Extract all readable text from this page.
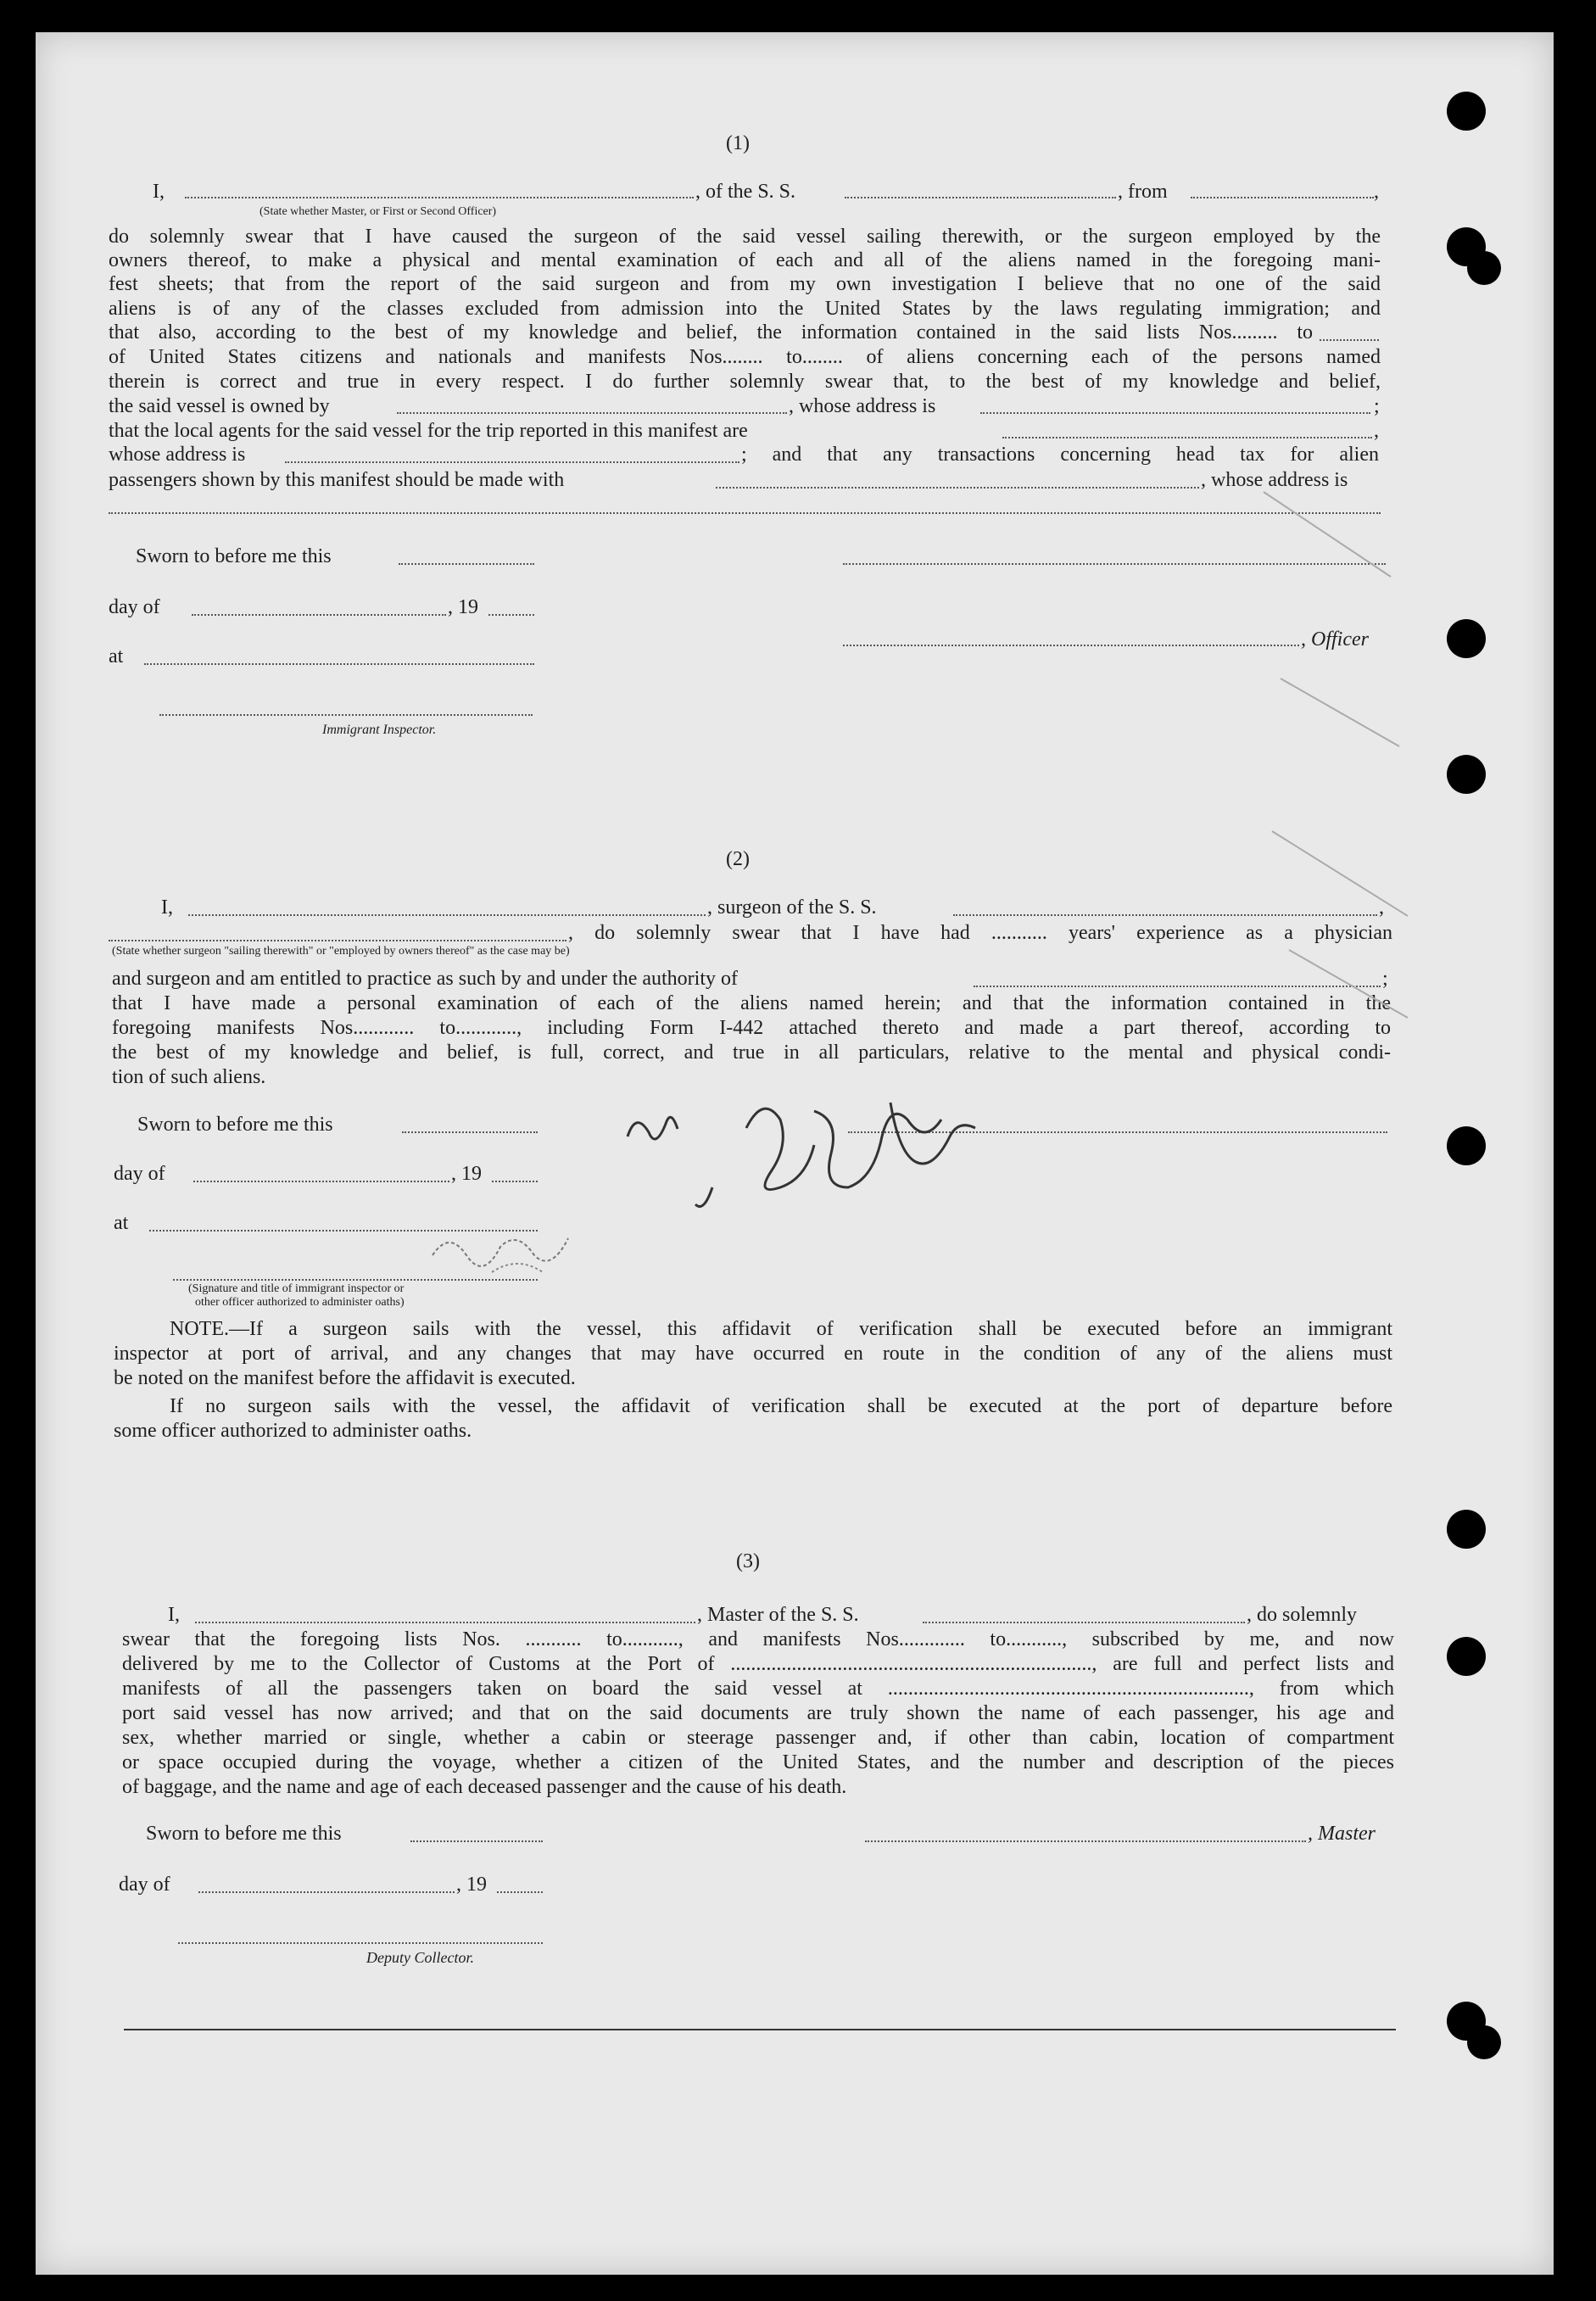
(1)
I,	, of the S. S.	, from	,
(State whether Master, or First or Second Officer)
do solemnly swear that I have caused the surgeon of the said vessel sailing therewith, or the surgeon employed by the
owners thereof, to make a physical and mental examination of each and all of the aliens named in the foregoing mani-
fest sheets; that from the report of the said surgeon and from my own investigation I believe that no one of the said
aliens is of any of the classes excluded from admission into the United States by the laws regulating immigration; and
that also, according to the best of my knowledge and belief, the information contained in the said lists Nos......... to
of United States citizens and nationals and manifests Nos........ to........ of aliens concerning each of the persons named
therein is correct and true in every respect. I do further solemnly swear that, to the best of my knowledge and belief,
the said vessel is owned by	, whose address is	;
that the local agents for the said vessel for the trip reported in this manifest are	,
whose address is	; and that any transactions concerning head tax for alien
passengers shown by this manifest should be made with	, whose address is
Sworn to before me this
day of	, 19
at
, Officer
Immigrant Inspector.
(2)
I,	, surgeon of the S. S.	,
, do solemnly swear that I have had ........... years' experience as a physician
(State whether surgeon "sailing therewith" or "employed by owners thereof" as the case may be)
and surgeon and am entitled to practice as such by and under the authority of	;
that I have made a personal examination of each of the aliens named herein; and that the information contained in the
foregoing manifests Nos............ to............, including Form I-442 attached thereto and made a part thereof, according to
the best of my knowledge and belief, is full, correct, and true in all particulars, relative to the mental and physical condi-
tion of such aliens.
Sworn to before me this
day of	, 19
at
(Signature and title of immigrant inspector or
other officer authorized to administer oaths)
NOTE.—If a surgeon sails with the vessel, this affidavit of verification shall be executed before an immigrant
inspector at port of arrival, and any changes that may have occurred en route in the condition of any of the aliens must
be noted on the manifest before the affidavit is executed.
If no surgeon sails with the vessel, the affidavit of verification shall be executed at the port of departure before
some officer authorized to administer oaths.
(3)
I,	, Master of the S. S.	, do solemnly
swear that the foregoing lists Nos. ........... to..........., and manifests Nos............. to..........., subscribed by me, and now
delivered by me to the Collector of Customs at the Port of ......................................................................., are full and perfect lists and
manifests of all the passengers taken on board the said vessel at ......................................................................., from which
port said vessel has now arrived; and that on the said documents are truly shown the name of each passenger, his age and
sex, whether married or single, whether a cabin or steerage passenger and, if other than cabin, location of compartment
or space occupied during the voyage, whether a citizen of the United States, and the number and description of the pieces
of baggage, and the name and age of each deceased passenger and the cause of his death.
Sworn to before me this	, Master
day of	, 19
Deputy Collector.
